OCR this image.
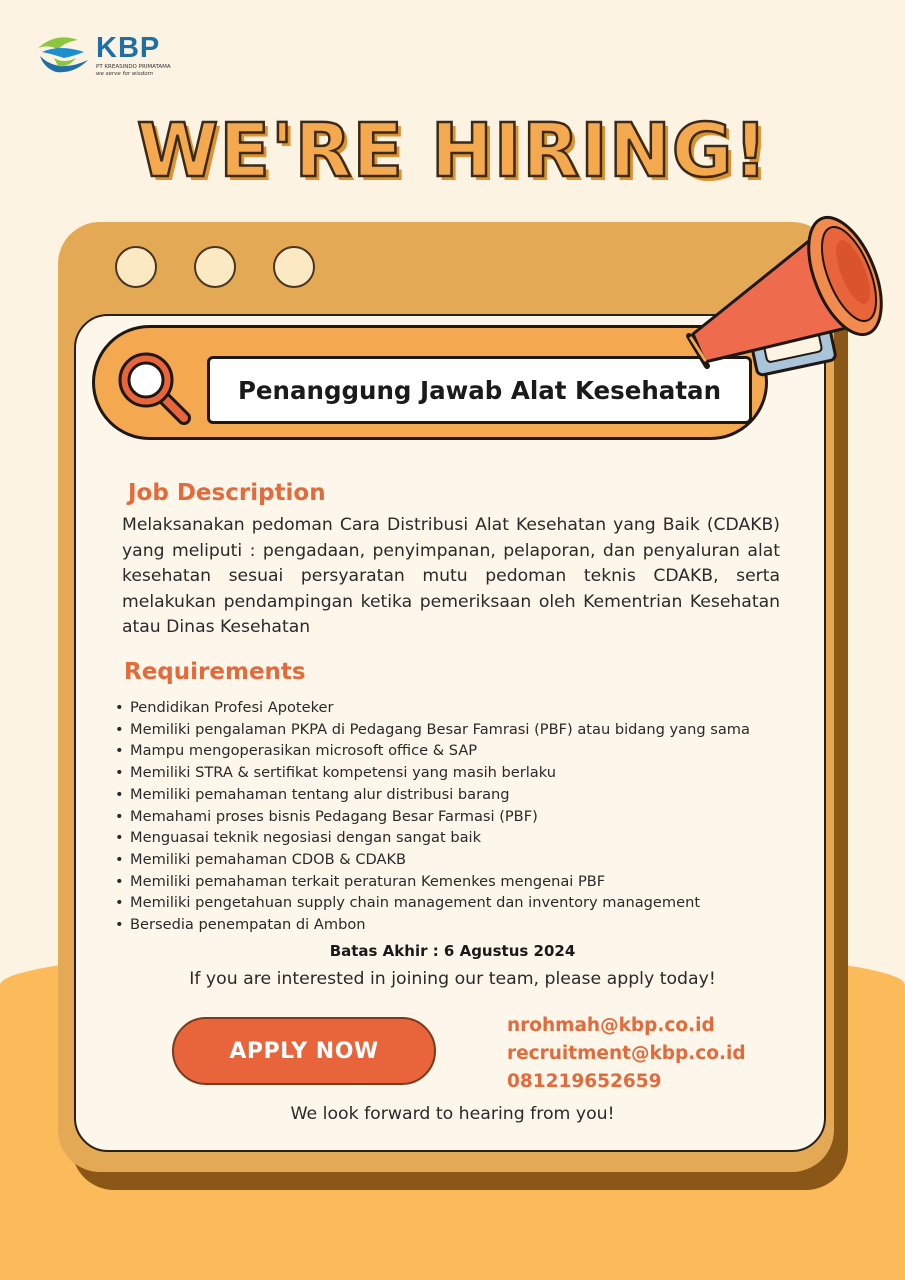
KBP
PT KREASINDO PRIMATAMA
we serve for wisdom
WE'RE HIRING!
Penanggung Jawab Alat Kesehatan
Job Description
Melaksanakan pedoman Cara Distribusi Alat Kesehatan yang Baik (CDAKB) yang meliputi : pengadaan, penyimpanan, pelaporan, dan penyaluran alat kesehatan sesuai persyaratan mutu pedoman teknis CDAKB, serta melakukan pendampingan ketika pemeriksaan oleh Kementrian Kesehatan atau Dinas Kesehatan
Requirements
• Pendidikan Profesi Apoteker
• Memiliki pengalaman PKPA di Pedagang Besar Famrasi (PBF) atau bidang yang sama
• Mampu mengoperasikan microsoft office & SAP
• Memiliki STRA & sertifikat kompetensi yang masih berlaku
• Memiliki pemahaman tentang alur distribusi barang
• Memahami proses bisnis Pedagang Besar Farmasi (PBF)
• Menguasai teknik negosiasi dengan sangat baik
• Memiliki pemahaman CDOB & CDAKB
• Memiliki pemahaman terkait peraturan Kemenkes mengenai PBF
• Memiliki pengetahuan supply chain management dan inventory management
• Bersedia penempatan di Ambon
Batas Akhir : 6 Agustus 2024
If you are interested in joining our team, please apply today!
APPLY NOW
nrohmah@kbp.co.id
recruitment@kbp.co.id
081219652659
We look forward to hearing from you!
